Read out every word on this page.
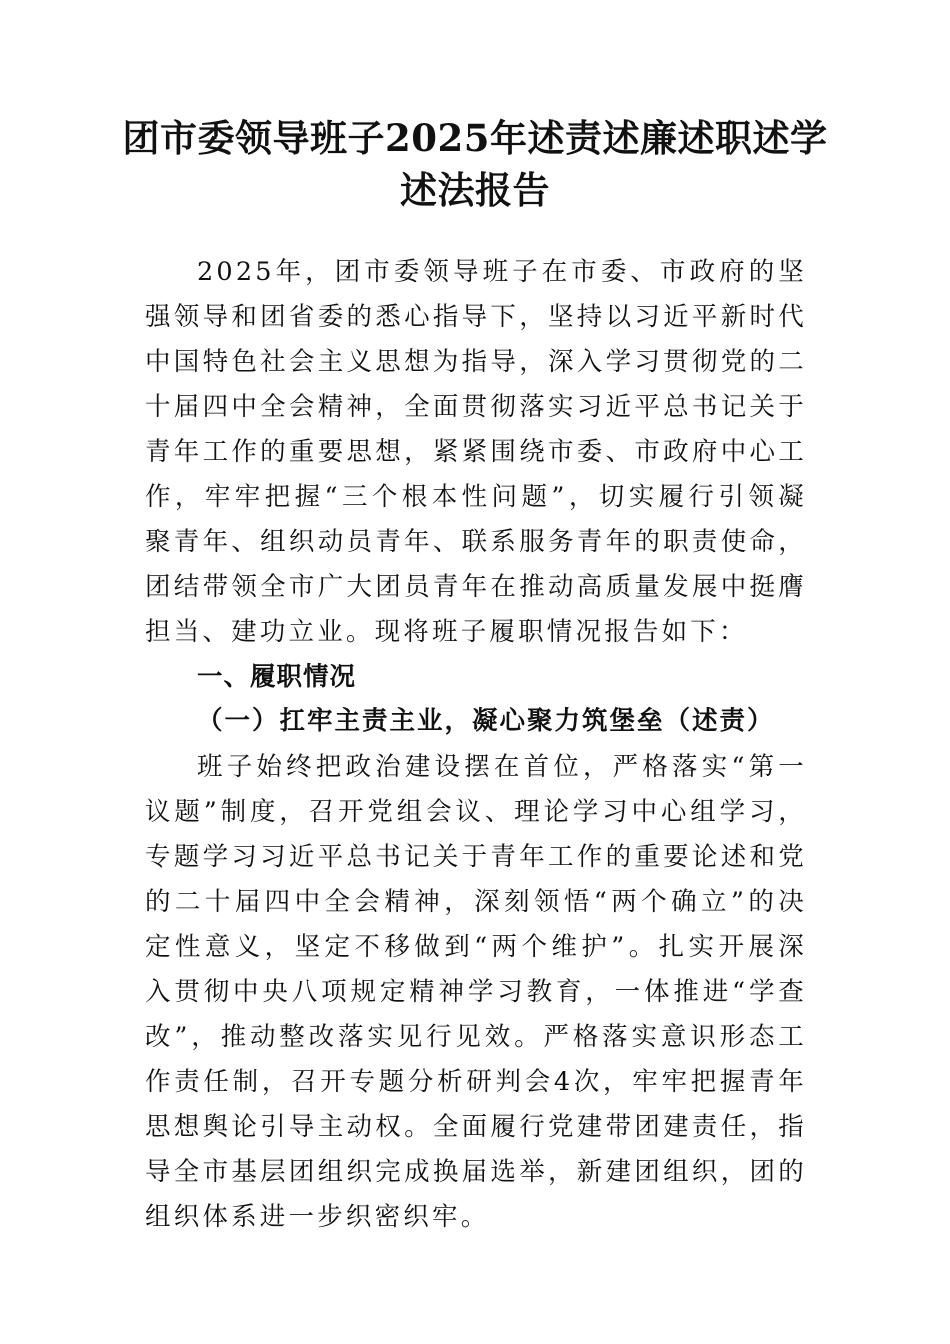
团市委领导班子2025年述责述廉述职述学述法报告

2025年，团市委领导班子在市委、市政府的坚强领导和团省委的悉心指导下，坚持以习近平新时代中国特色社会主义思想为指导，深入学习贯彻党的二十届四中全会精神，全面贯彻落实习近平总书记关于青年工作的重要思想，紧紧围绕市委、市政府中心工作，牢牢把握“三个根本性问题”，切实履行引领凝聚青年、组织动员青年、联系服务青年的职责使命，团结带领全市广大团员青年在推动高质量发展中挺膺担当、建功立业。现将班子履职情况报告如下：

一、履职情况
（一）扛牢主责主业，凝心聚力筑堡垒（述责）

班子始终把政治建设摆在首位，严格落实“第一议题”制度，召开党组会议、理论学习中心组学习，专题学习习近平总书记关于青年工作的重要论述和党的二十届四中全会精神，深刻领悟“两个确立”的决定性意义，坚定不移做到“两个维护”。扎实开展深入贯彻中央八项规定精神学习教育，一体推进“学查改”，推动整改落实见行见效。严格落实意识形态工作责任制，召开专题分析研判会4次，牢牢把握青年思想舆论引导主动权。全面履行党建带团建责任，指导全市基层团组织完成换届选举，新建团组织，团的组织体系进一步织密织牢。
